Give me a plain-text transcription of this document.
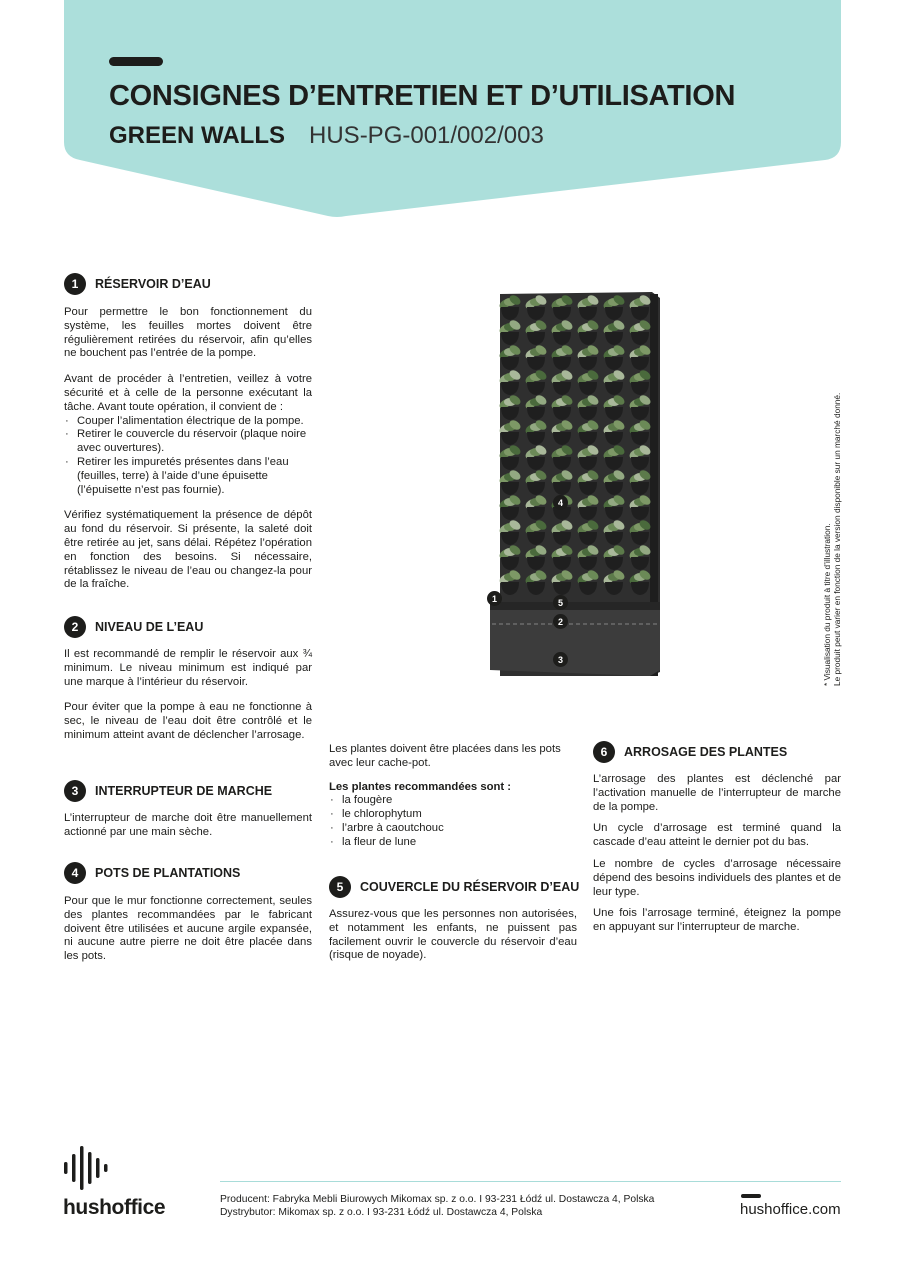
CONSIGNES D’ENTRETIEN ET D’UTILISATION
GREEN WALLS HUS-PG-001/002/003
1	RÉSERVOIR D’EAU

Pour permettre le bon fonctionnement du système, les feuilles mortes doivent être régulièrement retirées du réservoir, afin qu’elles ne bouchent pas l’entrée de la pompe.

Avant de procéder à l’entretien, veillez à votre sécurité et à celle de la personne exécutant la tâche. Avant toute opération, il convient de :

· Couper l’alimentation électrique de la pompe.
· Retirer le couvercle du réservoir (plaque noire avec ouvertures).
· Retirer les impuretés présentes dans l’eau (feuilles, terre) à l’aide d’une épuisette (l’épuisette n’est pas fournie).

Vérifiez systématiquement la présence de dépôt au fond du réservoir. Si présente, la saleté doit être retirée au jet, sans délai. Répétez l’opération en fonction des besoins. Si nécessaire, rétablissez le niveau de l’eau ou changez-la pour de la fraîche.

2	NIVEAU DE L’EAU

Il est recommandé de remplir le réservoir aux ¾ minimum. Le niveau minimum est indiqué par une marque à l’intérieur du réservoir.

Pour éviter que la pompe à eau ne fonctionne à sec, le niveau de l’eau doit être contrôlé et le minimum atteint avant de déclencher l’arrosage.

3	INTERRUPTEUR DE MARCHE

L’interrupteur de marche doit être manuellement actionné par une main sèche.

4	POTS DE PLANTATIONS

Pour que le mur fonctionne correctement, seules des plantes recommandées par le fabricant doivent être utilisées et aucune argile expansée, ni aucune autre pierre ne doit être placée dans les pots.

Les plantes doivent être placées dans les pots avec leur cache-pot.

Les plantes recommandées sont :

· la fougère
· le chlorophytum
· l’arbre à caoutchouc
· la fleur de lune
5	COUVERCLE DU RÉSERVOIR D’EAU

Assurez-vous que les personnes non autorisées, et notamment les enfants, ne puissent pas facilement ouvrir le couvercle du réservoir d’eau (risque de noyade).

6	ARROSAGE DES PLANTES

L’arrosage des plantes est déclenché par l’activation manuelle de l’interrupteur de marche de la pompe.

Un cycle d’arrosage est terminé quand la cascade d’eau atteint le dernier pot du bas.

Le nombre de cycles d’arrosage nécessaire dépend des besoins individuels des plantes et de leur type.

Une fois l’arrosage terminé, éteignez la pompe en appuyant sur l’interrupteur de marche.

1
2
3
4
5	* Visualisation du produit à titre d’illustration. Le produit peut varier en fonction de la version disponible sur un marché donné.
hushoffice	Producent: Fabryka Mebli Biurowych Mikomax sp. z o.o. I 93-231 Łódź ul. Dostawcza 4, Polska
Dystrybutor: Mikomax sp. z o.o. I 93-231 Łódź ul. Dostawcza 4, Polska	hushoffice.com
